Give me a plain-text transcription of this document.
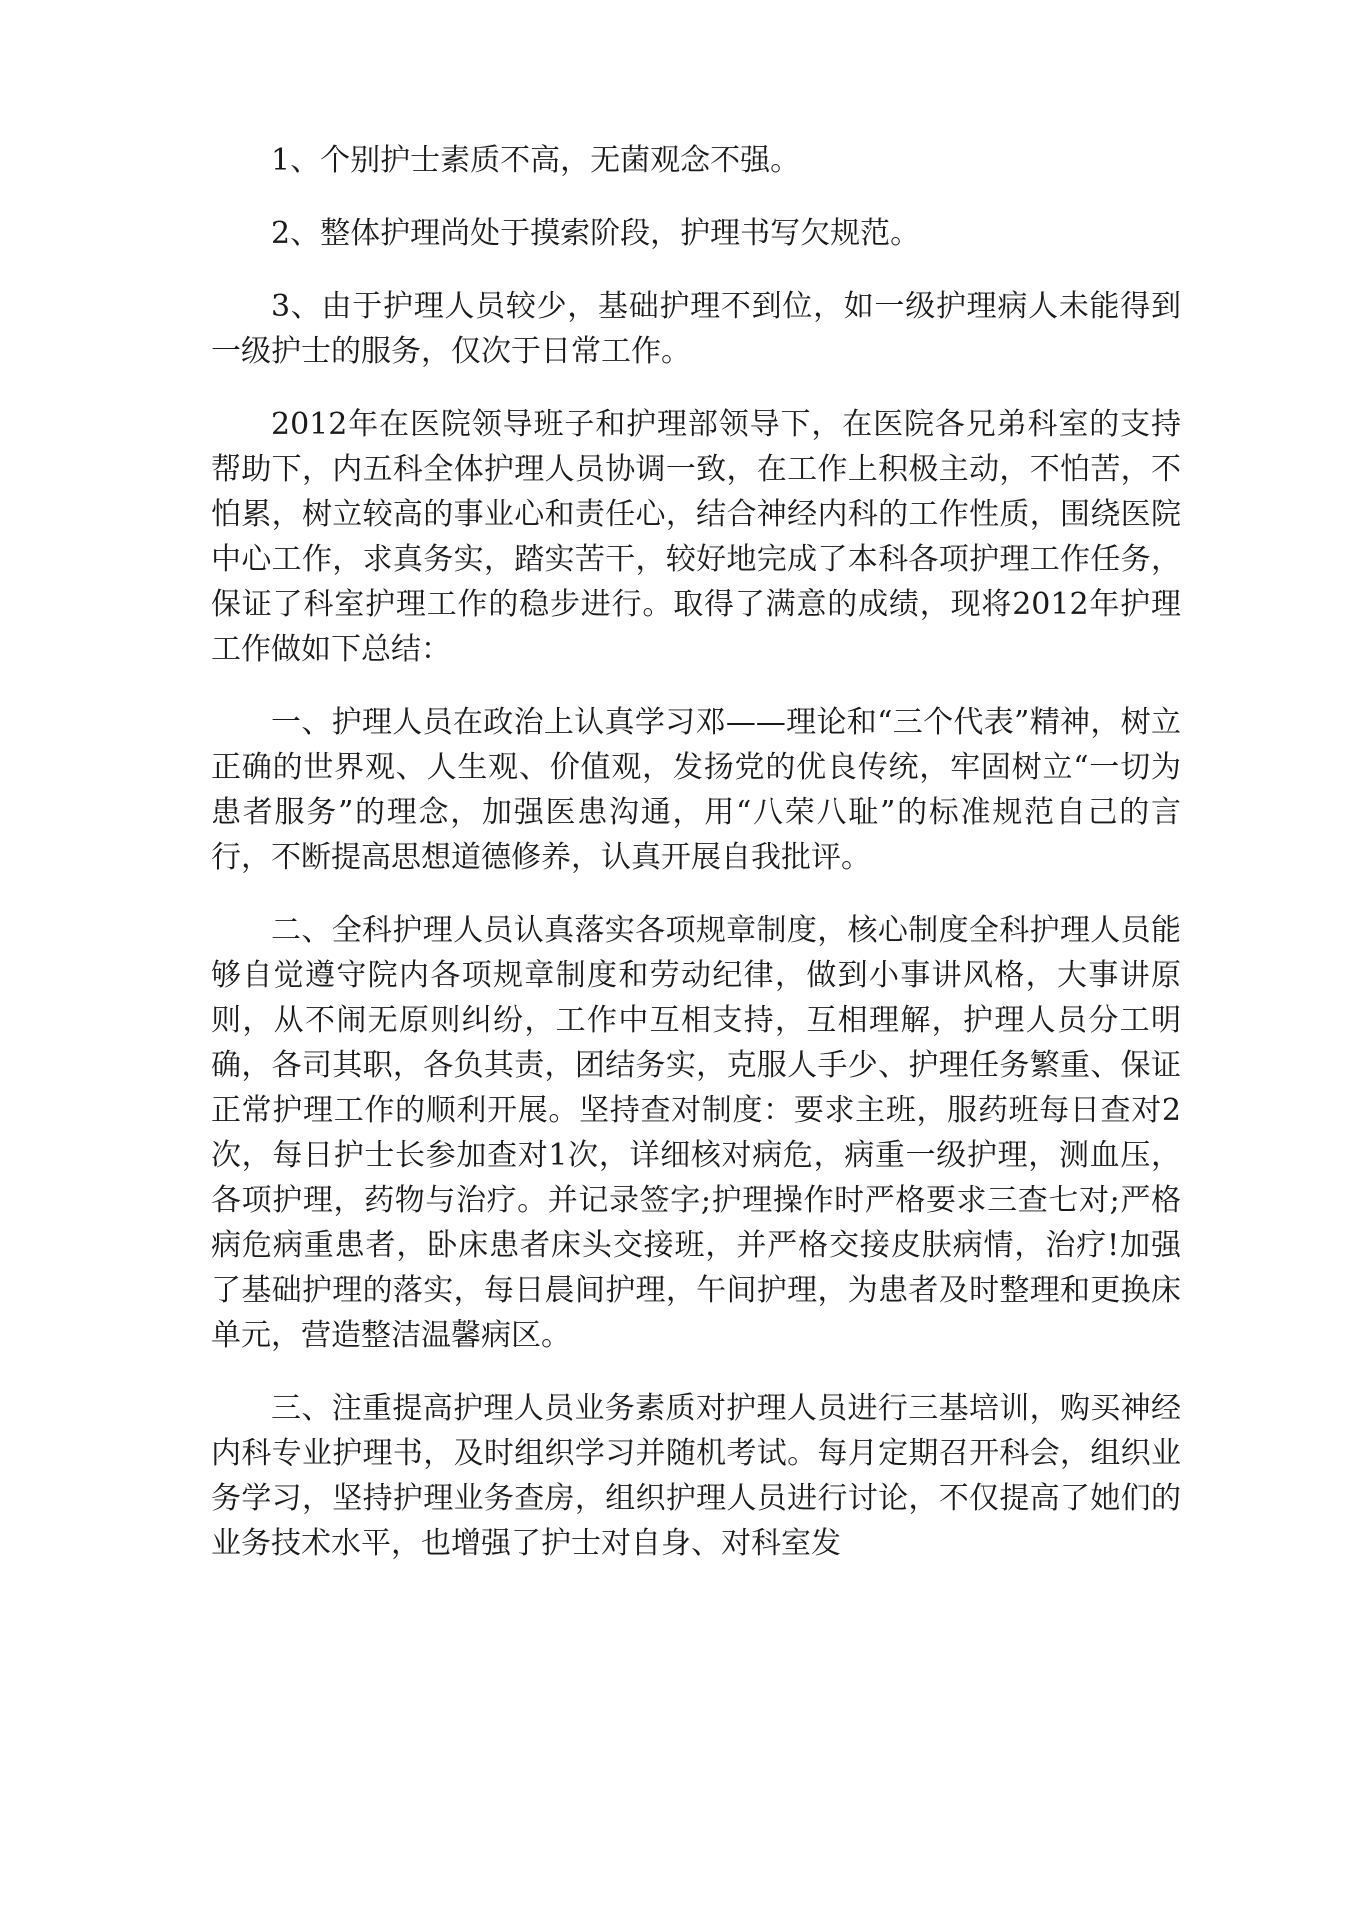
1、个别护士素质不高，无菌观念不强。

2、整体护理尚处于摸索阶段，护理书写欠规范。

3、由于护理人员较少，基础护理不到位，如一级护理病人未能得到一级护士的服务，仅次于日常工作。

2012年在医院领导班子和护理部领导下，在医院各兄弟科室的支持帮助下，内五科全体护理人员协调一致，在工作上积极主动，不怕苦，不怕累，树立较高的事业心和责任心，结合神经内科的工作性质，围绕医院中心工作，求真务实，踏实苦干，较好地完成了本科各项护理工作任务，保证了科室护理工作的稳步进行。取得了满意的成绩，现将2012年护理工作做如下总结：

一、护理人员在政治上认真学习邓——理论和“三个代表”精神，树立正确的世界观、人生观、价值观，发扬党的优良传统，牢固树立“一切为患者服务”的理念，加强医患沟通，用“八荣八耻”的标准规范自己的言行，不断提高思想道德修养，认真开展自我批评。

二、全科护理人员认真落实各项规章制度，核心制度全科护理人员能够自觉遵守院内各项规章制度和劳动纪律，做到小事讲风格，大事讲原则，从不闹无原则纠纷，工作中互相支持，互相理解，护理人员分工明确，各司其职，各负其责，团结务实，克服人手少、护理任务繁重、保证正常护理工作的顺利开展。坚持查对制度：要求主班，服药班每日查对2次，每日护士长参加查对1次，详细核对病危，病重一级护理，测血压，各项护理，药物与治疗。并记录签字;护理操作时严格要求三查七对;严格病危病重患者，卧床患者床头交接班，并严格交接皮肤病情，治疗!加强了基础护理的落实，每日晨间护理，午间护理，为患者及时整理和更换床单元，营造整洁温馨病区。

三、注重提高护理人员业务素质对护理人员进行三基培训，购买神经内科专业护理书，及时组织学习并随机考试。每月定期召开科会，组织业务学习，坚持护理业务查房，组织护理人员进行讨论，不仅提高了她们的业务技术水平，也增强了护士对自身、对科室发
